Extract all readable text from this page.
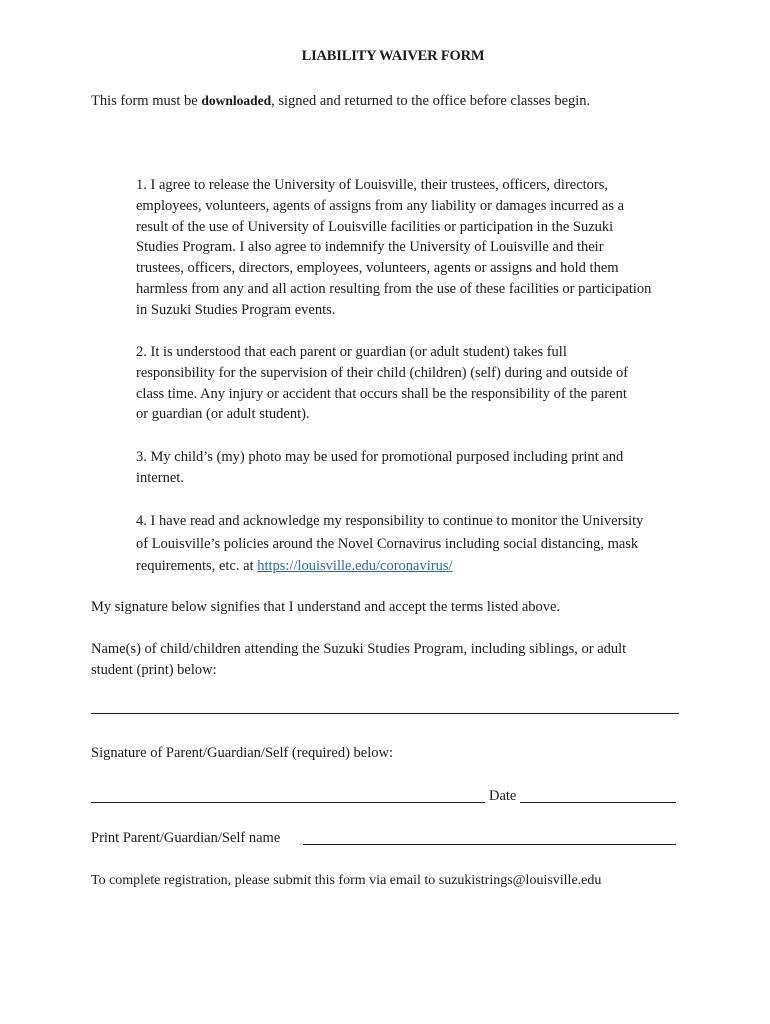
LIABILITY WAIVER FORM
This form must be downloaded, signed and returned to the office before classes begin.

1. I agree to release the University of Louisville, their trustees, officers, directors,

employees, volunteers, agents of assigns from any liability or damages incurred as a

result of the use of University of Louisville facilities or participation in the Suzuki

Studies Program. I also agree to indemnify the University of Louisville and their

trustees, officers, directors, employees, volunteers, agents or assigns and hold them

harmless from any and all action resulting from the use of these facilities or participation

in Suzuki Studies Program events.

2. It is understood that each parent or guardian (or adult student) takes full

responsibility for the supervision of their child (children) (self) during and outside of

class time. Any injury or accident that occurs shall be the responsibility of the parent

or guardian (or adult student).

3. My child’s (my) photo may be used for promotional purposed including print and

internet.

4. I have read and acknowledge my responsibility to continue to monitor the University

of Louisville’s policies around the Novel Cornavirus including social distancing, mask

requirements, etc. at https://louisville.edu/coronavirus/

My signature below signifies that I understand and accept the terms listed above.
Name(s) of child/children attending the Suzuki Studies Program, including siblings, or adult
student (print) below:
Signature of Parent/Guardian/Self (required) below:
Date
Print Parent/Guardian/Self name
To complete registration, please submit this form via email to suzukistrings@louisville.edu
